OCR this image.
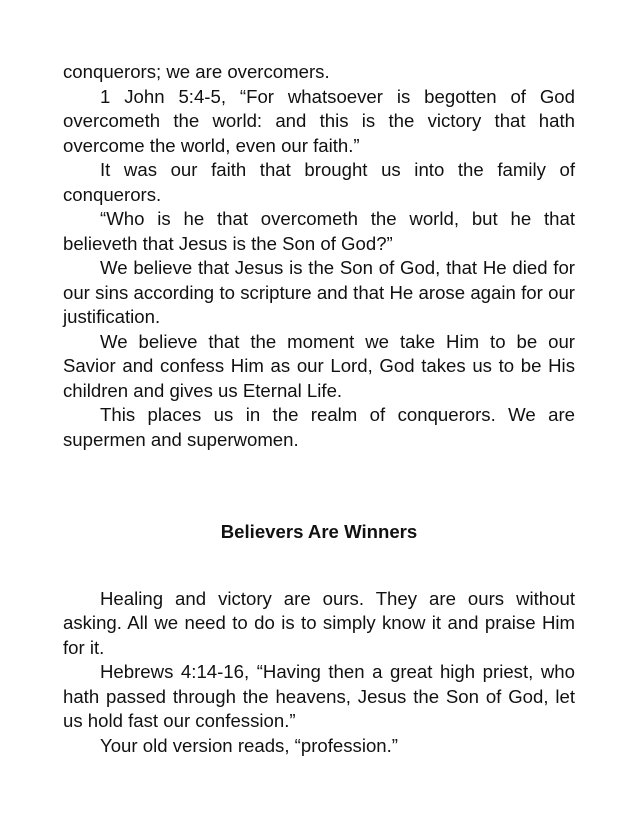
conquerors; we are overcomers.

1 John 5:4-5, “For whatsoever is begotten of God overcometh the world: and this is the victory that hath overcome the world, even our faith.”

It was our faith that brought us into the family of conquerors.

“Who is he that overcometh the world, but he that believeth that Jesus is the Son of God?”

We believe that Jesus is the Son of God, that He died for our sins according to scripture and that He arose again for our justification.

We believe that the moment we take Him to be our Savior and confess Him as our Lord, God takes us to be His children and gives us Eternal Life.

This places us in the realm of conquerors. We are supermen and superwomen.

Believers Are Winners

Healing and victory are ours. They are ours without asking. All we need to do is to simply know it and praise Him for it.

Hebrews 4:14-16, “Having then a great high priest, who hath passed through the heavens, Jesus the Son of God, let us hold fast our confession.”

Your old version reads, “profession.”
